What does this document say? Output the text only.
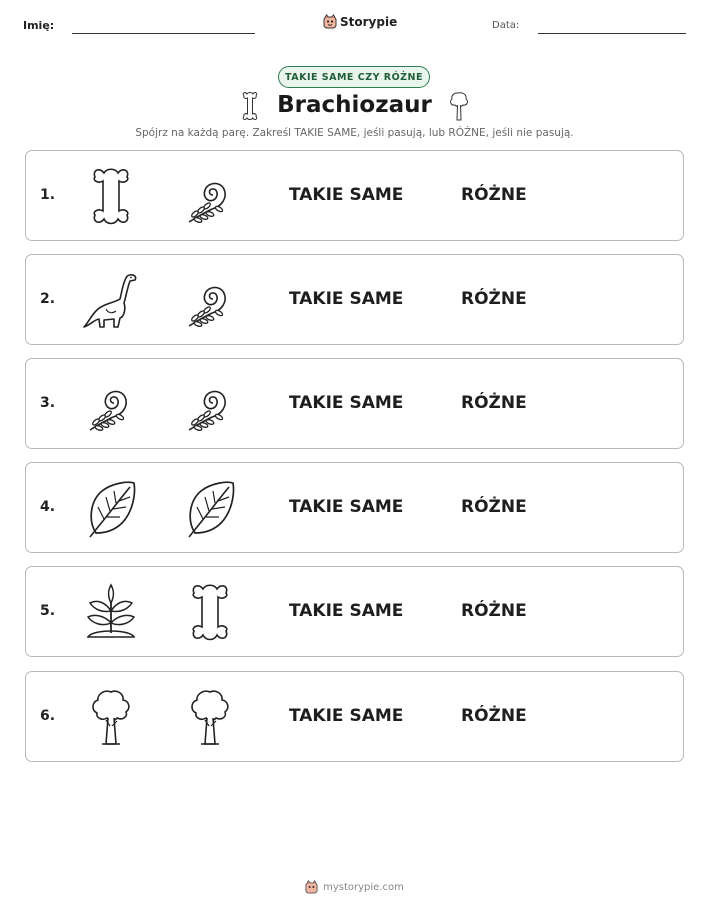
Imię:	Storypie	Data:
TAKIE SAME CZY RÓŻNE
Brachiozaur
Spójrz na każdą parę. Zakreśl TAKIE SAME, jeśli pasują, lub RÓŻNE, jeśli nie pasują.
1.	TAKIE SAME	RÓŻNE
2.	TAKIE SAME	RÓŻNE
3.	TAKIE SAME	RÓŻNE
4.	TAKIE SAME	RÓŻNE
5.	TAKIE SAME	RÓŻNE
6.	TAKIE SAME	RÓŻNE
mystorypie.com
